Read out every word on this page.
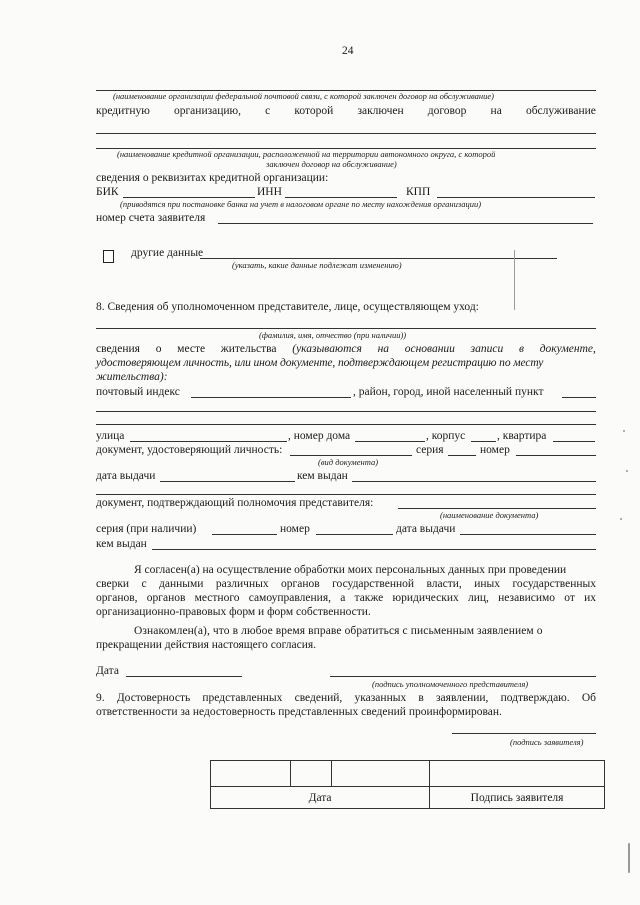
24
(наименование организации федеральной почтовой связи, с которой заключен договор на обслуживание)
кредитную организацию, с которой заключен договор на обслуживание
(наименование кредитной организации, расположенной на территории автономного округа, с которой
заключен договор на обслуживание)
сведения о реквизитах кредитной организации:
БИК	ИНН	КПП
(приводятся при постановке банка на учет в налоговом органе по месту нахождения организации)
номер счета заявителя
другие данные
(указать, какие данные подлежат изменению)
8. Сведения об уполномоченном представителе, лице, осуществляющем уход:
(фамилия, имя, отчество (при наличии))
сведения о месте жительства (указываются на основании записи в документе,
удостоверяющем личность, или ином документе, подтверждающем регистрацию по месту
жительства):
почтовый индекс	, район, город, иной населенный пункт
улица	, номер дома	, корпус	, квартира
документ, удостоверяющий личность:	серия	номер
(вид документа)
дата выдачи	кем выдан
документ, подтверждающий полномочия представителя:
(наименование документа)
серия (при наличии)	номер	дата выдачи
кем выдан
Я согласен(а) на осуществление обработки моих персональных данных при проведении
сверки с данными различных органов государственной власти, иных государственных
органов, органов местного самоуправления, а также юридических лиц, независимо от их
организационно-правовых форм и форм собственности.
Ознакомлен(а), что в любое время вправе обратиться с письменным заявлением о
прекращении действия настоящего согласия.
Дата
(подпись уполномоченного представителя)
9. Достоверность представленных сведений, указанных в заявлении, подтверждаю. Об
ответственности за недостоверность представленных сведений проинформирован.
(подпись заявителя)

Дата			Подпись заявителя
